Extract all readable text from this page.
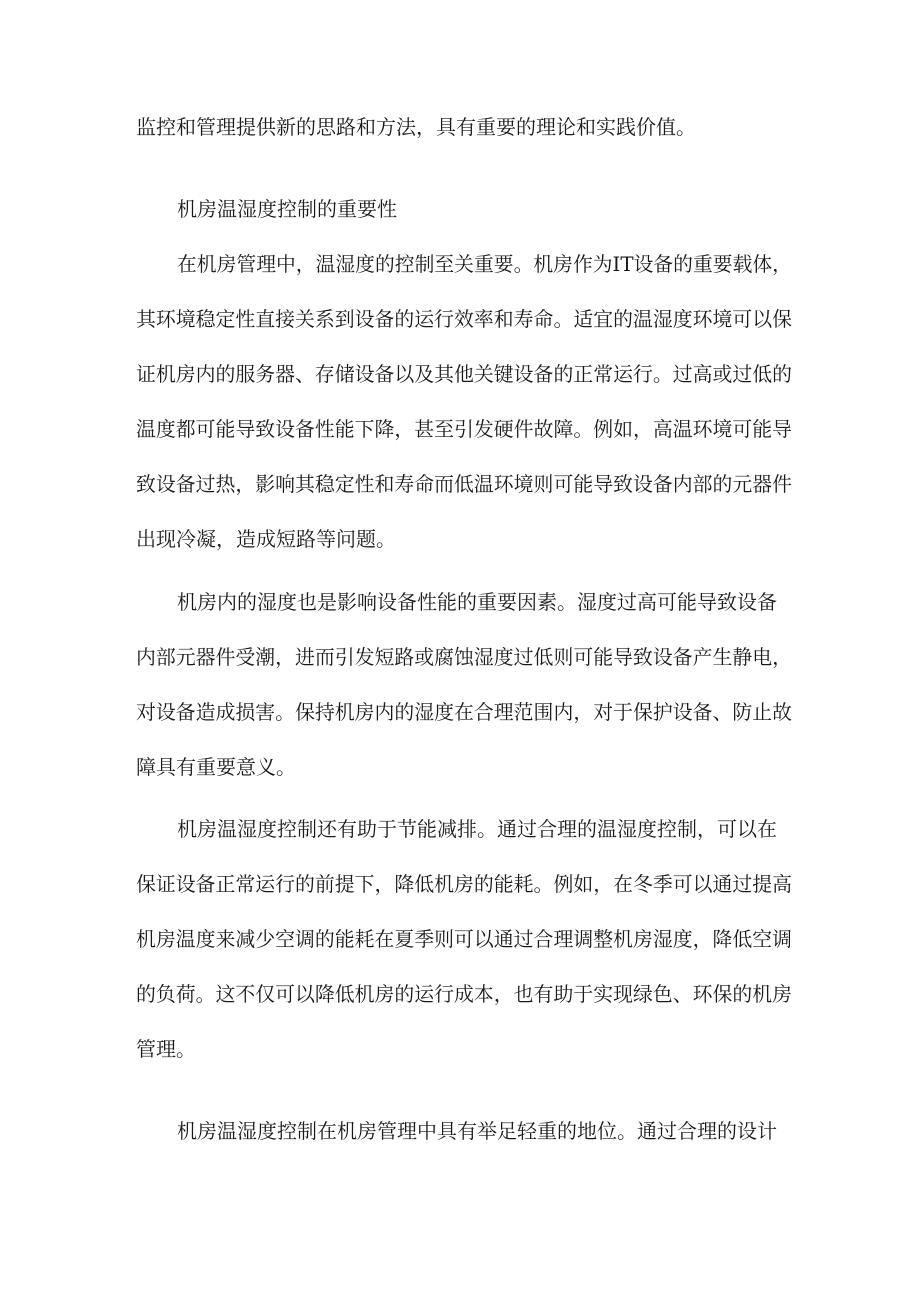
监控和管理提供新的思路和方法，具有重要的理论和实践价值。
机房温湿度控制的重要性
在机房管理中，温湿度的控制至关重要。机房作为IT设备的重要载体，
其环境稳定性直接关系到设备的运行效率和寿命。适宜的温湿度环境可以保
证机房内的服务器、存储设备以及其他关键设备的正常运行。过高或过低的
温度都可能导致设备性能下降，甚至引发硬件故障。例如，高温环境可能导
致设备过热，影响其稳定性和寿命而低温环境则可能导致设备内部的元器件
出现冷凝，造成短路等问题。
机房内的湿度也是影响设备性能的重要因素。湿度过高可能导致设备
内部元器件受潮，进而引发短路或腐蚀湿度过低则可能导致设备产生静电，
对设备造成损害。保持机房内的湿度在合理范围内，对于保护设备、防止故
障具有重要意义。
机房温湿度控制还有助于节能减排。通过合理的温湿度控制，可以在
保证设备正常运行的前提下，降低机房的能耗。例如，在冬季可以通过提高
机房温度来减少空调的能耗在夏季则可以通过合理调整机房湿度，降低空调
的负荷。这不仅可以降低机房的运行成本，也有助于实现绿色、环保的机房
管理。
机房温湿度控制在机房管理中具有举足轻重的地位。通过合理的设计
